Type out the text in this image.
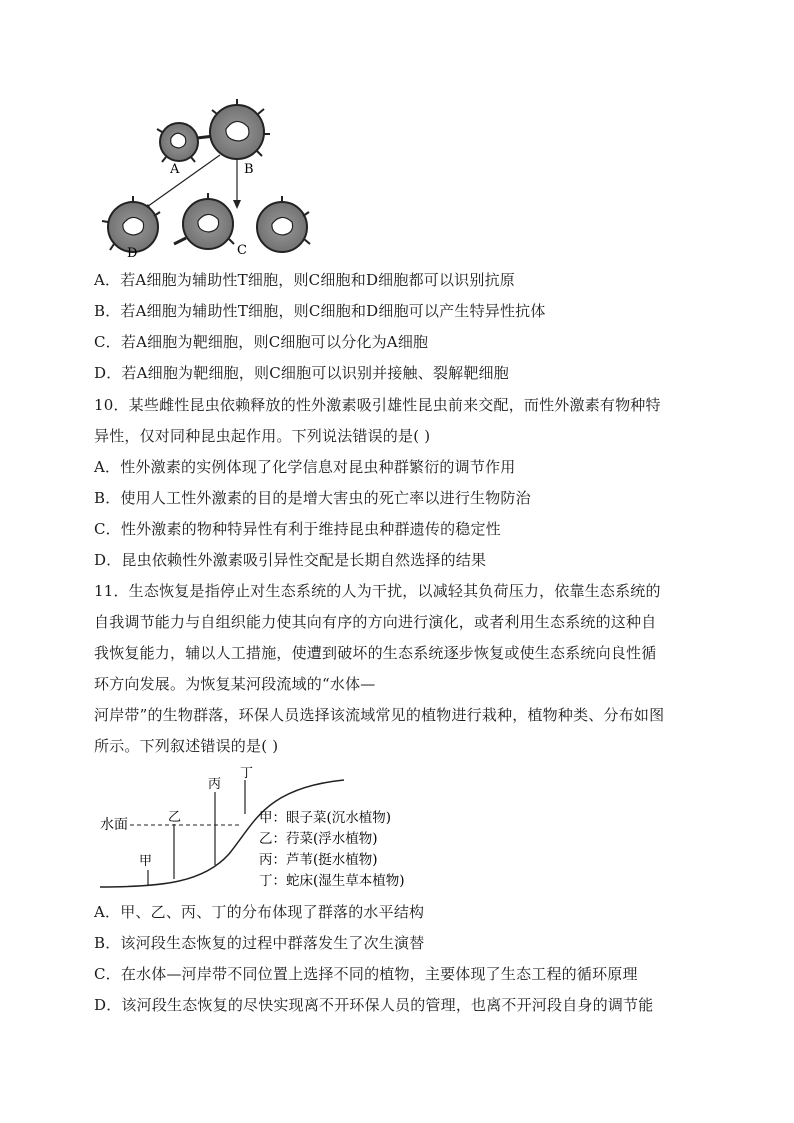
A	B
D	C
A．若A细胞为辅助性T细胞，则C细胞和D细胞都可以识别抗原
B．若A细胞为辅助性T细胞，则C细胞和D细胞可以产生特异性抗体
C．若A细胞为靶细胞，则C细胞可以分化为A细胞
D．若A细胞为靶细胞，则C细胞可以识别并接触、裂解靶细胞
10．某些雌性昆虫依赖释放的性外激素吸引雄性昆虫前来交配，而性外激素有物种特
异性，仅对同种昆虫起作用。下列说法错误的是( )
A．性外激素的实例体现了化学信息对昆虫种群繁衍的调节作用
B．使用人工性外激素的目的是增大害虫的死亡率以进行生物防治
C．性外激素的物种特异性有利于维持昆虫种群遗传的稳定性
D．昆虫依赖性外激素吸引异性交配是长期自然选择的结果
11．生态恢复是指停止对生态系统的人为干扰，以减轻其负荷压力，依靠生态系统的
自我调节能力与自组织能力使其向有序的方向进行演化，或者利用生态系统的这种自
我恢复能力，辅以人工措施，使遭到破坏的生态系统逐步恢复或使生态系统向良性循
环方向发展。为恢复某河段流域的“水体—
河岸带”的生物群落，环保人员选择该流域常见的植物进行栽种，植物种类、分布如图
所示。下列叙述错误的是( )
水面
甲
乙
丙
丁
甲：眼子菜(沉水植物)
乙：荇菜(浮水植物)
丙：芦苇(挺水植物)
丁：蛇床(湿生草本植物)
A．甲、乙、丙、丁的分布体现了群落的水平结构
B．该河段生态恢复的过程中群落发生了次生演替
C．在水体—河岸带不同位置上选择不同的植物，主要体现了生态工程的循环原理
D．该河段生态恢复的尽快实现离不开环保人员的管理，也离不开河段自身的调节能
